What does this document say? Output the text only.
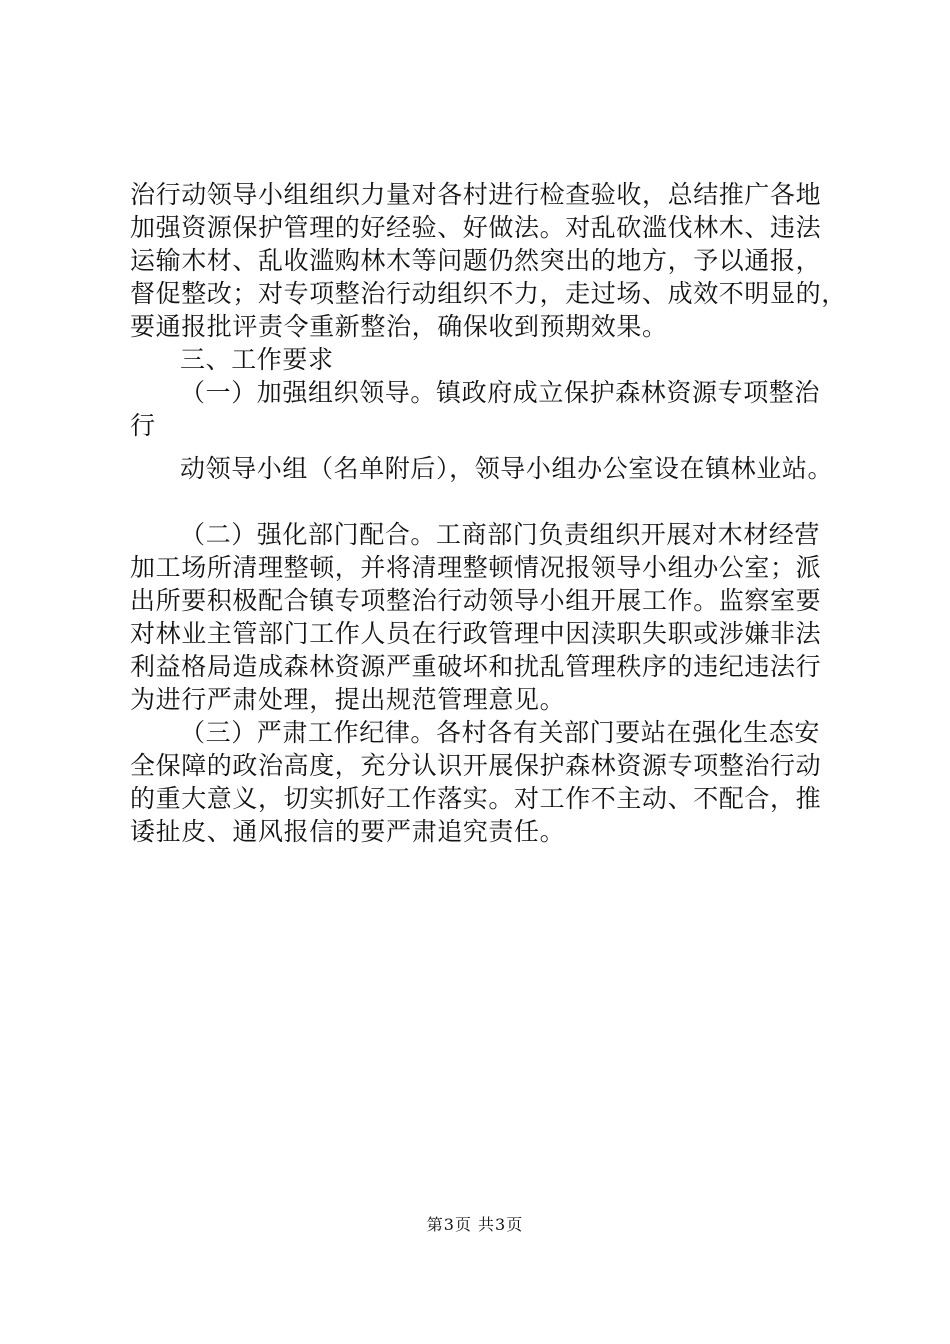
治行动领导小组组织力量对各村进行检查验收，总结推广各地
加强资源保护管理的好经验、好做法。对乱砍滥伐林木、违法
运输木材、乱收滥购林木等问题仍然突出的地方，予以通报，
督促整改；对专项整治行动组织不力，走过场、成效不明显的，
要通报批评责令重新整治，确保收到预期效果。
三、工作要求
（一）加强组织领导。镇政府成立保护森林资源专项整治
行
动领导小组（名单附后），领导小组办公室设在镇林业站。
（二）强化部门配合。工商部门负责组织开展对木材经营
加工场所清理整顿，并将清理整顿情况报领导小组办公室；派
出所要积极配合镇专项整治行动领导小组开展工作。监察室要
对林业主管部门工作人员在行政管理中因渎职失职或涉嫌非法
利益格局造成森林资源严重破坏和扰乱管理秩序的违纪违法行
为进行严肃处理，提出规范管理意见。
（三）严肃工作纪律。各村各有关部门要站在强化生态安
全保障的政治高度，充分认识开展保护森林资源专项整治行动
的重大意义，切实抓好工作落实。对工作不主动、不配合，推
诿扯皮、通风报信的要严肃追究责任。
第3页 共3页
